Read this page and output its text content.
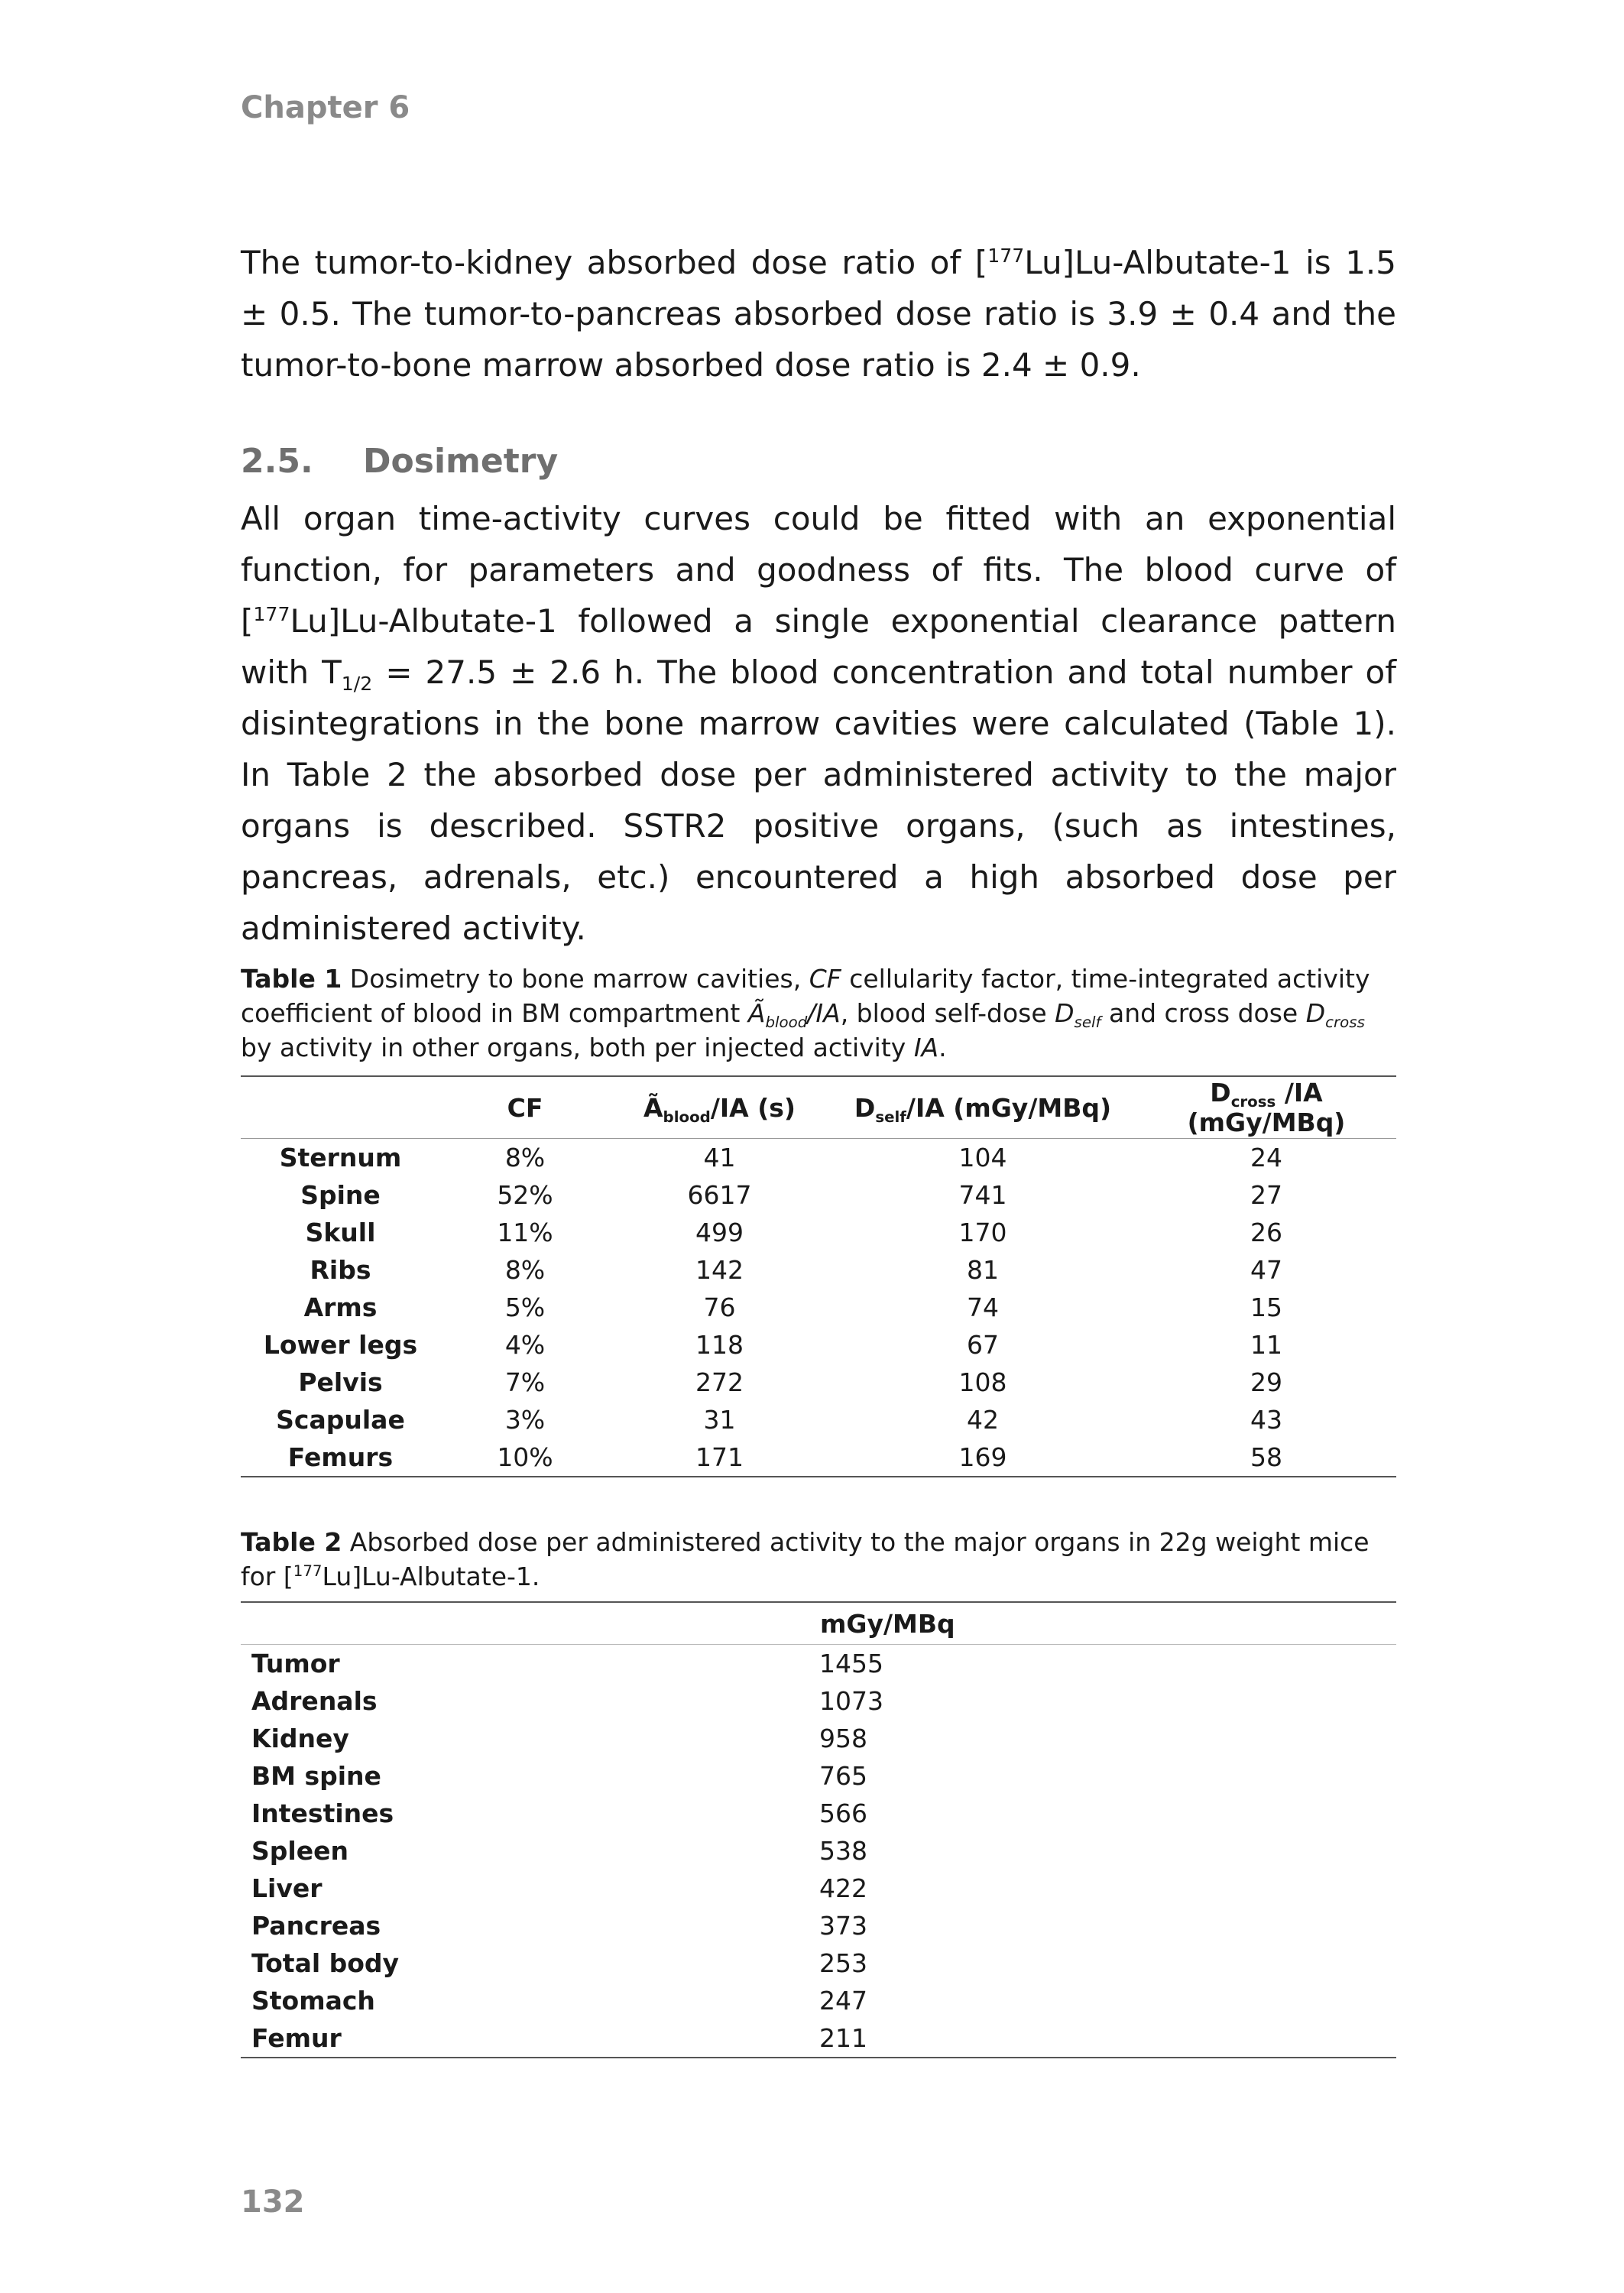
Chapter 6

The tumor-to-kidney absorbed dose ratio of [$^{177}$Lu]Lu-Albutate-1 is 1.5 ± 0.5. The tumor-to-pancreas absorbed dose ratio is 3.9 ± 0.4 and the tumor-to-bone marrow absorbed dose ratio is 2.4 ± 0.9.

2.5. Dosimetry

All organ time-activity curves could be fitted with an exponential function, for parameters and goodness of fits. The blood curve of [$^{177}$Lu]Lu-Albutate-1 followed a single exponential clearance pattern with $T_{1/2} = 27.5 \pm 2.6$ h. The blood concentration and total number of disintegrations in the bone marrow cavities were calculated (Table 1). In Table 2 the absorbed dose per administered activity to the major organs is described. SSTR2 positive organs, (such as intestines, pancreas, adrenals, etc.) encountered a high absorbed dose per administered activity.

Table 1 Dosimetry to bone marrow cavities, CF cellularity factor, time-integrated activity coefficient of blood in BM compartment $Ã_{blood}/IA$, blood self-dose $D_{self}$ and cross dose $D_{cross}$ by activity in other organs, both per injected activity IA.
	CF	$Ã_{blood}/IA$ (s)	$D_{self}/IA$ (mGy/MBq)	$D_{cross}$ /IA (mGy/MBq)
Sternum	8%	41	104	24
Spine	52%	6617	741	27
Skull	11%	499	170	26
Ribs	8%	142	81	47
Arms	5%	76	74	15
Lower legs	4%	118	67	11
Pelvis	7%	272	108	29
Scapulae	3%	31	42	43
Femurs	10%	171	169	58
Table 2 Absorbed dose per administered activity to the major organs in 22g weight mice for [$^{177}$Lu]Lu-Albutate-1.
	mGy/MBq
Tumor	1455
Adrenals	1073
Kidney	958
BM spine	765
Intestines	566
Spleen	538
Liver	422
Pancreas	373
Total body	253
Stomach	247
Femur	211
132
